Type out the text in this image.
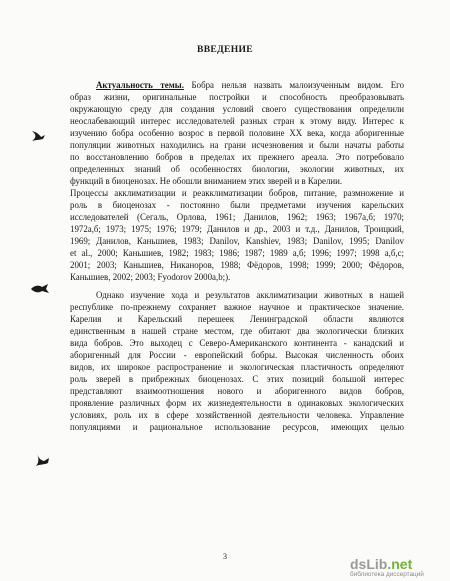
ВВЕДЕНИЕ
Актуальность темы. Бобра нельзя назвать малоизученным видом. Его
образ жизни, оригинальные постройки и способность преобразовывать
окружающую среду для создания условий своего существования определили
неослабевающий интерес исследователей разных стран к этому виду. Интерес к
изучению бобра особенно возрос в первой половине XX века, когда аборигенные
популяции животных находились на грани исчезновения и были начаты работы
по восстановлению бобров в пределах их прежнего ареала. Это потребовало
определенных знаний об особенностях биологии, экологии животных, их
функций в биоценозах. Не обошли вниманием этих зверей и в Карелии.
Процессы акклиматизации и реакклиматизации бобров, питание, размножение и
роль в биоценозах - постоянно были предметами изучения карельских
исследователей (Сегаль, Орлова, 1961; Данилов, 1962; 1963; 1967а,б; 1970;
1972а,б; 1973; 1975; 1976; 1979; Данилов и др., 2003 и т.д., Данилов, Троицкий,
1969; Данилов, Каньшиев, 1983; Danilov, Kanshiev, 1983; Danilov, 1995; Danilov
et al., 2000; Каньшиев, 1982; 1983; 1986; 1987; 1989 а,б; 1996; 1997; 1998 а,б,с;
2001; 2003; Каньшиев, Никаноров, 1988; Фёдоров, 1998; 1999; 2000; Фёдоров,
Каньшиев, 2002; 2003; Fyodorov 2000а,b;).
Однако изучение хода и результатов акклиматизации животных в нашей
республике по-прежнему сохраняет важное научное и практическое значение.
Карелия и Карельский перешеек Ленинградской области являются
единственным в нашей стране местом, где обитают два экологически близких
вида бобров. Это выходец с Северо-Американского континента - канадский и
аборигенный для России - европейский бобры. Высокая численность обоих
видов, их широкое распространение и экологическая пластичность определяют
роль зверей в прибрежных биоценозах. С этих позиций большой интерес
представляют взаимоотношения нового и аборигенного видов бобров,
проявление различных форм их жизнедеятельности в одинаковых экологических
условиях, роль их в сфере хозяйственной деятельности человека. Управление
популяциями и рациональное использование ресурсов, имеющих целью
3	dsLib.net
библиотека диссертаций
